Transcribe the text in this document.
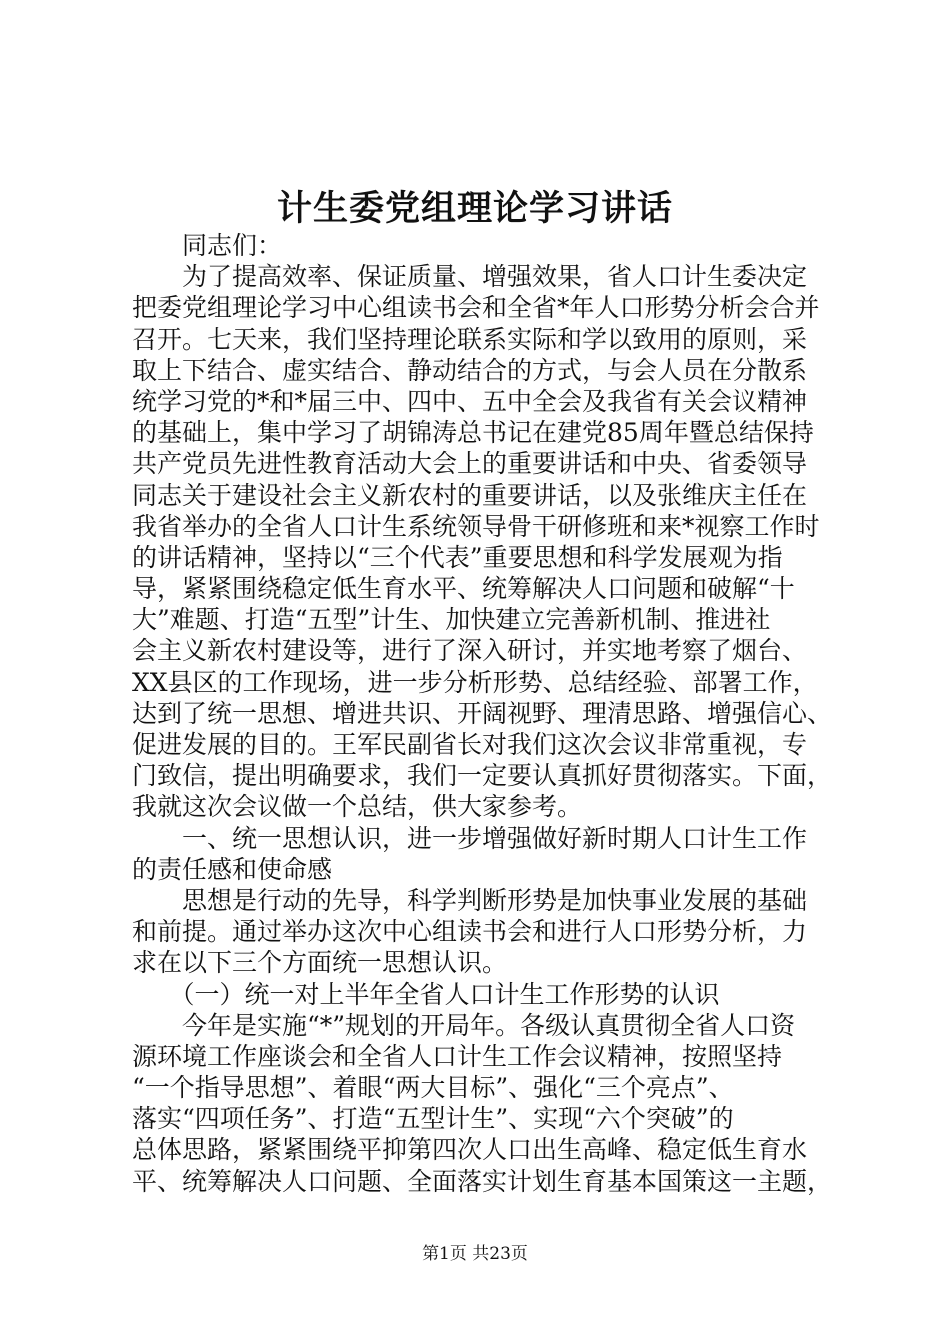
计生委党组理论学习讲话
　　同志们：
　　为了提高效率、保证质量、增强效果，省人口计生委决定
把委党组理论学习中心组读书会和全省*年人口形势分析会合并
召开。七天来，我们坚持理论联系实际和学以致用的原则，采
取上下结合、虚实结合、静动结合的方式，与会人员在分散系
统学习党的*和*届三中、四中、五中全会及我省有关会议精神
的基础上，集中学习了胡锦涛总书记在建党85周年暨总结保持
共产党员先进性教育活动大会上的重要讲话和中央、省委领导
同志关于建设社会主义新农村的重要讲话，以及张维庆主任在
我省举办的全省人口计生系统领导骨干研修班和来*视察工作时
的讲话精神，坚持以“三个代表”重要思想和科学发展观为指
导，紧紧围绕稳定低生育水平、统筹解决人口问题和破解“十
大”难题、打造“五型”计生、加快建立完善新机制、推进社
会主义新农村建设等，进行了深入研讨，并实地考察了烟台、
XX县区的工作现场，进一步分析形势、总结经验、部署工作，
达到了统一思想、增进共识、开阔视野、理清思路、增强信心、
促进发展的目的。王军民副省长对我们这次会议非常重视，专
门致信，提出明确要求，我们一定要认真抓好贯彻落实。下面，
我就这次会议做一个总结，供大家参考。
　　一、统一思想认识，进一步增强做好新时期人口计生工作
的责任感和使命感
　　思想是行动的先导，科学判断形势是加快事业发展的基础
和前提。通过举办这次中心组读书会和进行人口形势分析，力
求在以下三个方面统一思想认识。
　　（一）统一对上半年全省人口计生工作形势的认识
　　今年是实施“*”规划的开局年。各级认真贯彻全省人口资
源环境工作座谈会和全省人口计生工作会议精神，按照坚持
“一个指导思想”、着眼“两大目标”、强化“三个亮点”、
落实“四项任务”、打造“五型计生”、实现“六个突破”的
总体思路，紧紧围绕平抑第四次人口出生高峰、稳定低生育水
平、统筹解决人口问题、全面落实计划生育基本国策这一主题，
第1页 共23页
